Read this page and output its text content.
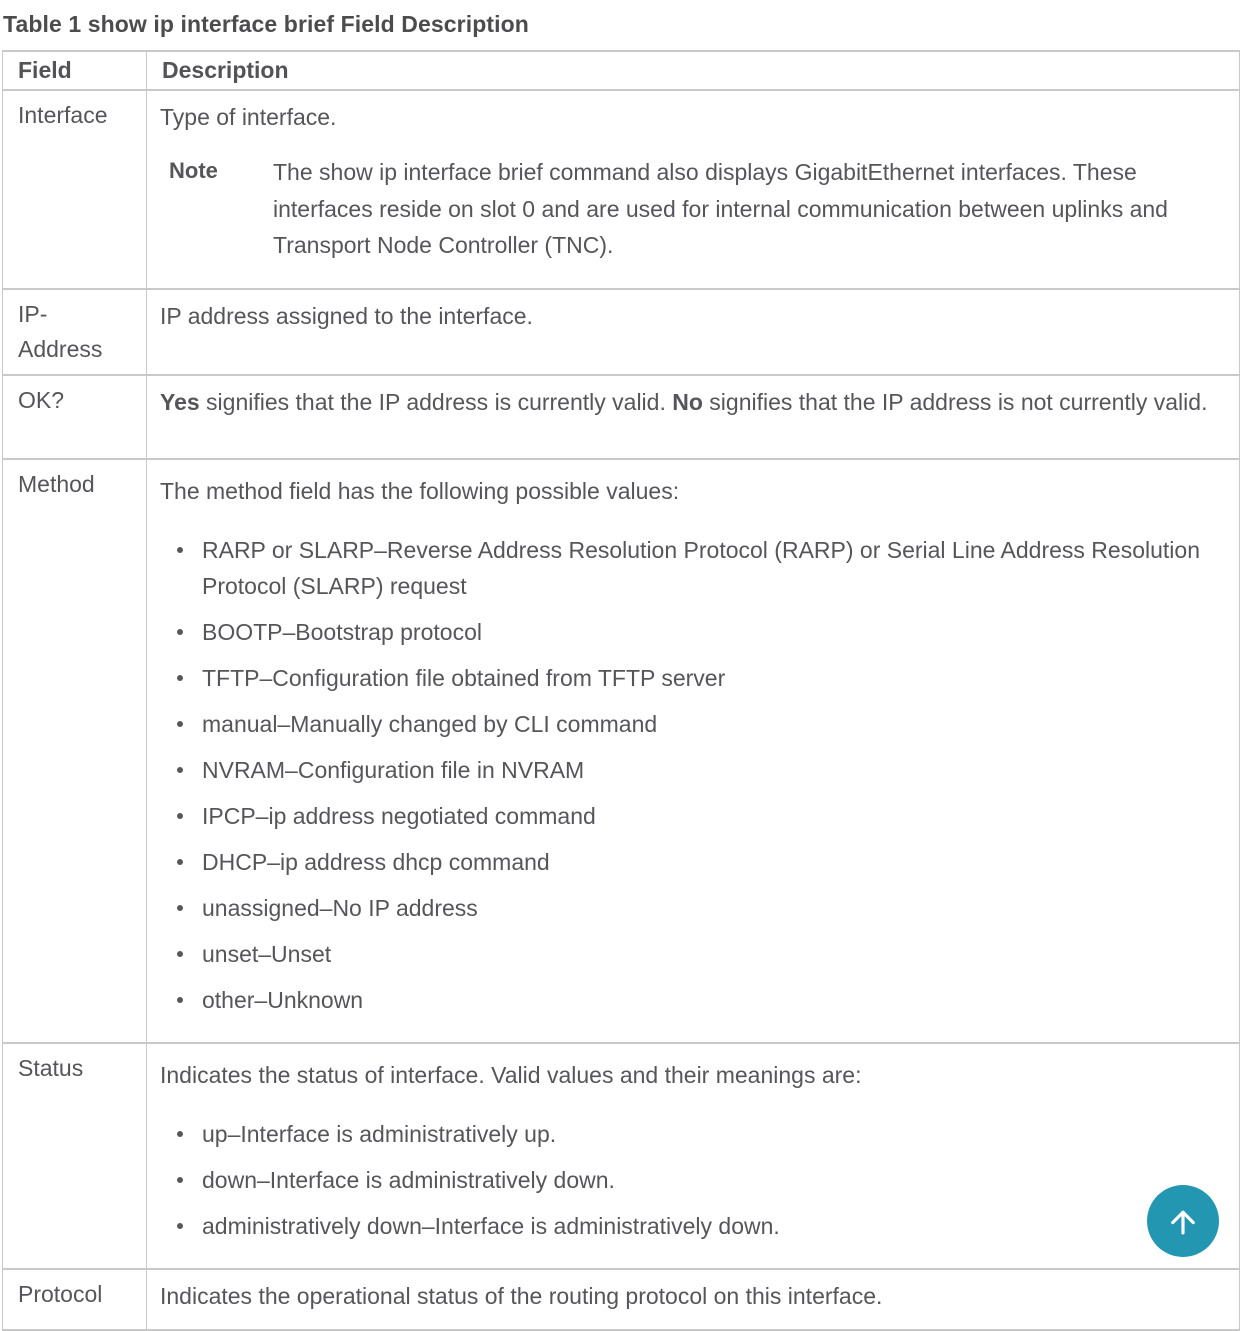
Table 1 show ip interface brief Field Description
Field	Description
Interface	Type of interface.
Note The show ip interface brief command also displays GigabitEthernet interfaces. These interfaces reside on slot 0 and are used for internal communication between uplinks and Transport Node Controller (TNC).

IP-Address	IP address assigned to the interface.

OK?	Yes signifies that the IP address is currently valid. No signifies that the IP address is not currently valid.

Method	The method field has the following possible values:
RARP or SLARP–Reverse Address Resolution Protocol (RARP) or Serial Line Address Resolution Protocol (SLARP) request
BOOTP–Bootstrap protocol
TFTP–Configuration file obtained from TFTP server
manual–Manually changed by CLI command
NVRAM–Configuration file in NVRAM
IPCP–ip address negotiated command
DHCP–ip address dhcp command
unassigned–No IP address
unset–Unset
other–Unknown

Status	Indicates the status of interface. Valid values and their meanings are:
up–Interface is administratively up.
down–Interface is administratively down.
administratively down–Interface is administratively down.

Protocol	Indicates the operational status of the routing protocol on this interface.
